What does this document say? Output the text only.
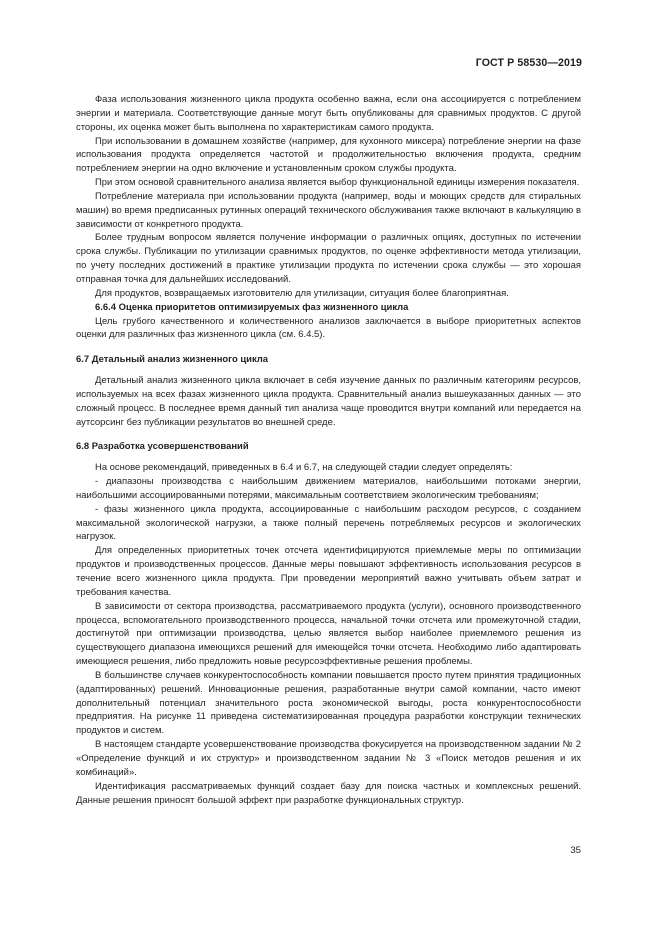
ГОСТ Р 58530—2019

Фаза использования жизненного цикла продукта особенно важна, если она ассоциируется с потреблением энергии и материала. Соответствующие данные могут быть опубликованы для сравнимых продуктов. С другой стороны, их оценка может быть выполнена по характеристикам самого продукта.

При использовании в домашнем хозяйстве (например, для кухонного миксера) потребление энергии на фазе использования продукта определяется частотой и продолжительностью включения продукта, средним потреблением энергии на одно включение и установленным сроком службы продукта.

При этом основой сравнительного анализа является выбор функциональной единицы измерения показателя.

Потребление материала при использовании продукта (например, воды и моющих средств для стиральных машин) во время предписанных рутинных операций технического обслуживания также включают в калькуляцию в зависимости от конкретного продукта.

Более трудным вопросом является получение информации о различных опциях, доступных по истечении срока службы. Публикации по утилизации сравнимых продуктов, по оценке эффективности метода утилизации, по учету последних достижений в практике утилизации продукта по истечении срока службы — это хорошая отправная точка для дальнейших исследований.

Для продуктов, возвращаемых изготовителю для утилизации, ситуация более благоприятная.

6.6.4 Оценка приоритетов оптимизируемых фаз жизненного цикла

Цель грубого качественного и количественного анализов заключается в выборе приоритетных аспектов оценки для различных фаз жизненного цикла (см. 6.4.5).

6.7 Детальный анализ жизненного цикла

Детальный анализ жизненного цикла включает в себя изучение данных по различным категориям ресурсов, используемых на всех фазах жизненного цикла продукта. Сравнительный анализ вышеуказанных данных — это сложный процесс. В последнее время данный тип анализа чаще проводится внутри компаний или передается на аутсорсинг без публикации результатов во внешней среде.

6.8 Разработка усовершенствований

На основе рекомендаций, приведенных в 6.4 и 6.7, на следующей стадии следует определять:

- диапазоны производства с наибольшим движением материалов, наибольшими потоками энергии, наибольшими ассоциированными потерями, максимальным соответствием экологическим требованиям;

- фазы жизненного цикла продукта, ассоциированные с наибольшим расходом ресурсов, с созданием максимальной экологической нагрузки, а также полный перечень потребляемых ресурсов и экологических нагрузок.

Для определенных приоритетных точек отсчета идентифицируются приемлемые меры по оптимизации продуктов и производственных процессов. Данные меры повышают эффективность использования ресурсов в течение всего жизненного цикла продукта. При проведении мероприятий важно учитывать объем затрат и требования качества.

В зависимости от сектора производства, рассматриваемого продукта (услуги), основного производственного процесса, вспомогательного производственного процесса, начальной точки отсчета или промежуточной стадии, достигнутой при оптимизации производства, целью является выбор наиболее приемлемого решения из существующего диапазона имеющихся решений для имеющейся точки отсчета. Необходимо либо адаптировать имеющиеся решения, либо предложить новые ресурсоэффективные решения проблемы.

В большинстве случаев конкурентоспособность компании повышается просто путем принятия традиционных (адаптированных) решений. Инновационные решения, разработанные внутри самой компании, часто имеют дополнительный потенциал значительного роста экономической выгоды, роста конкурентоспособности предприятия. На рисунке 11 приведена систематизированная процедура разработки конструкции технических продуктов и систем.

В настоящем стандарте усовершенствование производства фокусируется на производственном задании № 2 «Определение функций и их структур» и производственном задании № 3 «Поиск методов решения и их комбинаций».

Идентификация рассматриваемых функций создает базу для поиска частных и комплексных решений. Данные решения приносят большой эффект при разработке функциональных структур.

35
